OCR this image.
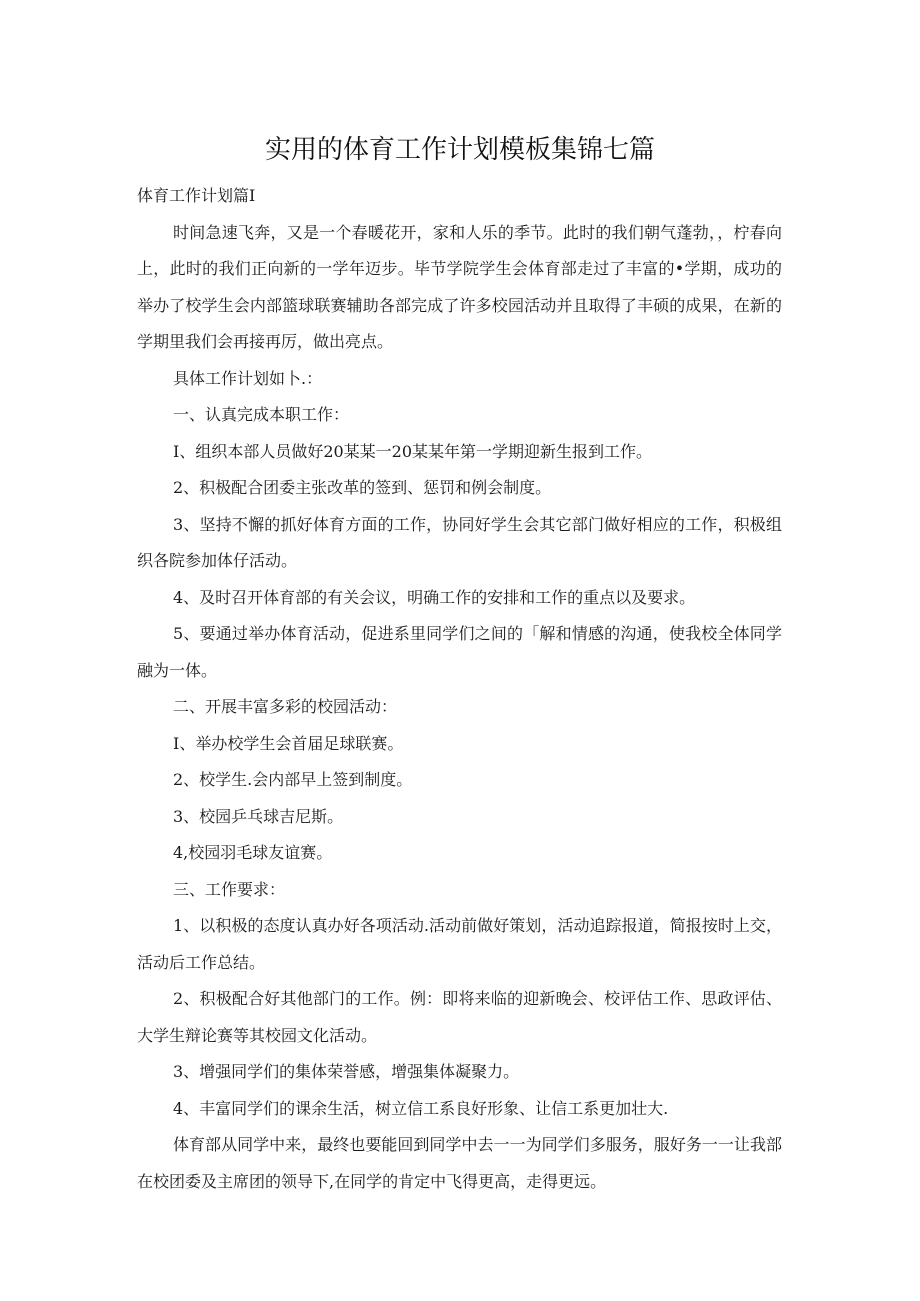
实用的体育工作计划模板集锦七篇

体育工作计划篇I

时间急速飞奔，又是一个春暖花开，家和人乐的季节。此时的我们朝气蓬勃，，柠春向上，此时的我们正向新的一学年迈步。毕节学院学生会体育部走过了丰富的•学期，成功的举办了校学生会内部篮球联赛辅助各部完成了许多校园活动并且取得了丰硕的成果，在新的学期里我们会再接再厉，做出亮点。

具体工作计划如卜.：

一、认真完成本职工作：

I、组织本部人员做好20某某一20某某年第一学期迎新生报到工作。

2、积极配合团委主张改革的签到、惩罚和例会制度。

3、坚持不懈的抓好体育方面的工作，协同好学生会其它部门做好相应的工作，积极组织各院参加体仔活动。

4、及时召开体育部的有关会议，明确工作的安排和工作的重点以及要求。

5、要通过举办体育活动，促进系里同学们之间的「解和情感的沟通，使我校全体同学融为一体。

二、开展丰富多彩的校园活动：

I、举办校学生会首届足球联赛。

2、校学生.会内部早上签到制度。

3、校园乒乓球吉尼斯。

4,校园羽毛球友谊赛。

三、工作要求：

1、以积极的态度认真办好各项活动.活动前做好策划，活动追踪报道，简报按时上交，活动后工作总结。

2、积极配合好其他部门的工作。例：即将来临的迎新晚会、校评估工作、思政评估、大学生辩论赛等其校园文化活动。

3、增强同学们的集体荣誉感，增强集体凝聚力。

4、丰富同学们的课余生活，树立信工系良好形象、让信工系更加壮大.

体育部从同学中来，最终也要能回到同学中去一一为同学们多服务，服好务一一让我部在校团委及主席团的领导下,在同学的肯定中飞得更高，走得更远。
